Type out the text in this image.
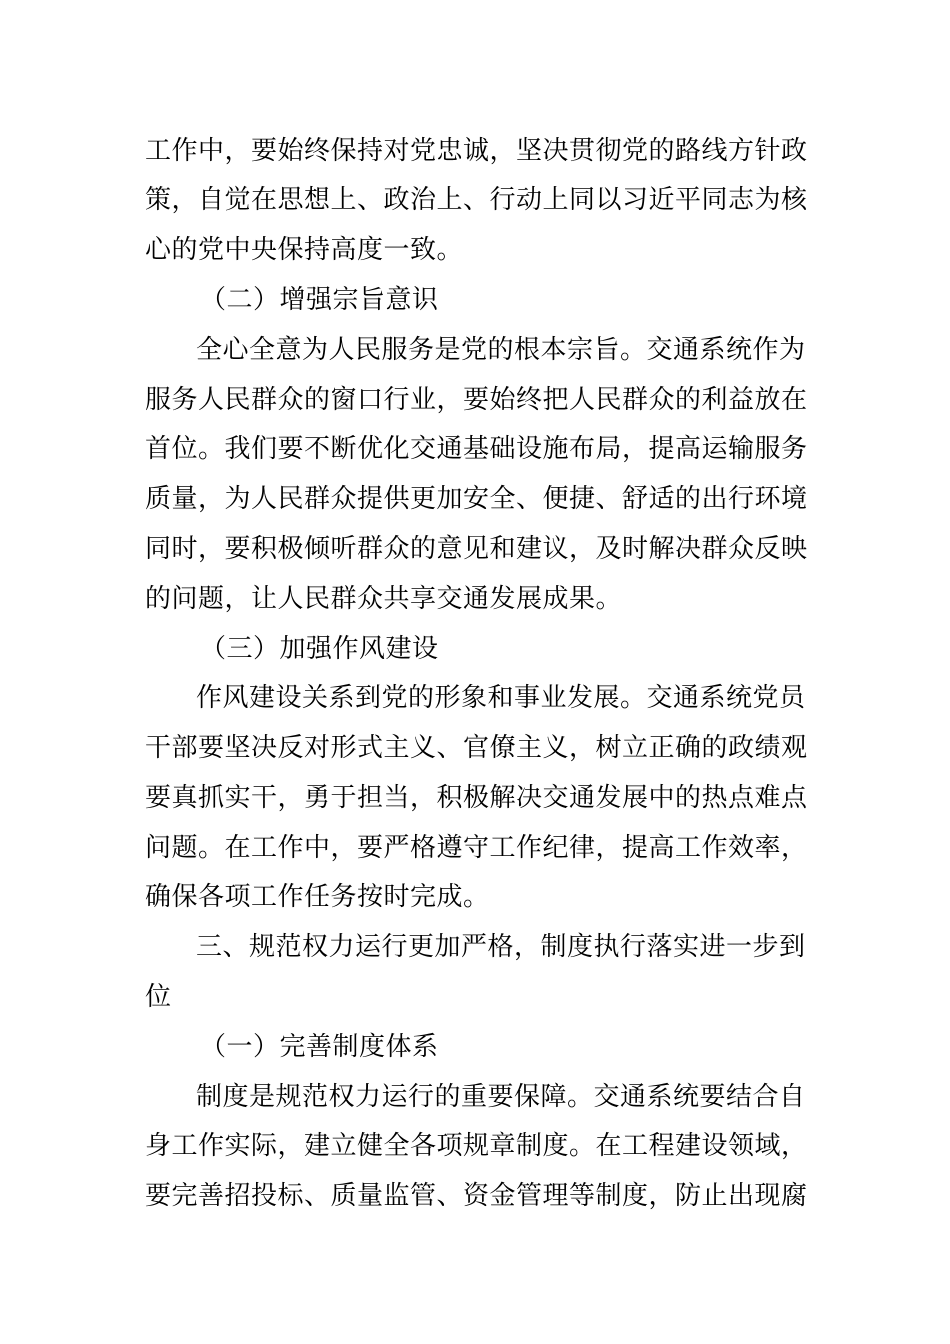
工作中，要始终保持对党忠诚，坚决贯彻党的路线方针政
策，自觉在思想上、政治上、行动上同以习近平同志为核
心的党中央保持高度一致。
（二）增强宗旨意识
全心全意为人民服务是党的根本宗旨。交通系统作为
服务人民群众的窗口行业，要始终把人民群众的利益放在
首位。我们要不断优化交通基础设施布局，提高运输服务
质量，为人民群众提供更加安全、便捷、舒适的出行环境
同时，要积极倾听群众的意见和建议，及时解决群众反映
的问题，让人民群众共享交通发展成果。
（三）加强作风建设
作风建设关系到党的形象和事业发展。交通系统党员
干部要坚决反对形式主义、官僚主义，树立正确的政绩观
要真抓实干，勇于担当，积极解决交通发展中的热点难点
问题。在工作中，要严格遵守工作纪律，提高工作效率，
确保各项工作任务按时完成。
三、规范权力运行更加严格，制度执行落实进一步到
位
（一）完善制度体系
制度是规范权力运行的重要保障。交通系统要结合自
身工作实际，建立健全各项规章制度。在工程建设领域，
要完善招投标、质量监管、资金管理等制度，防止出现腐
